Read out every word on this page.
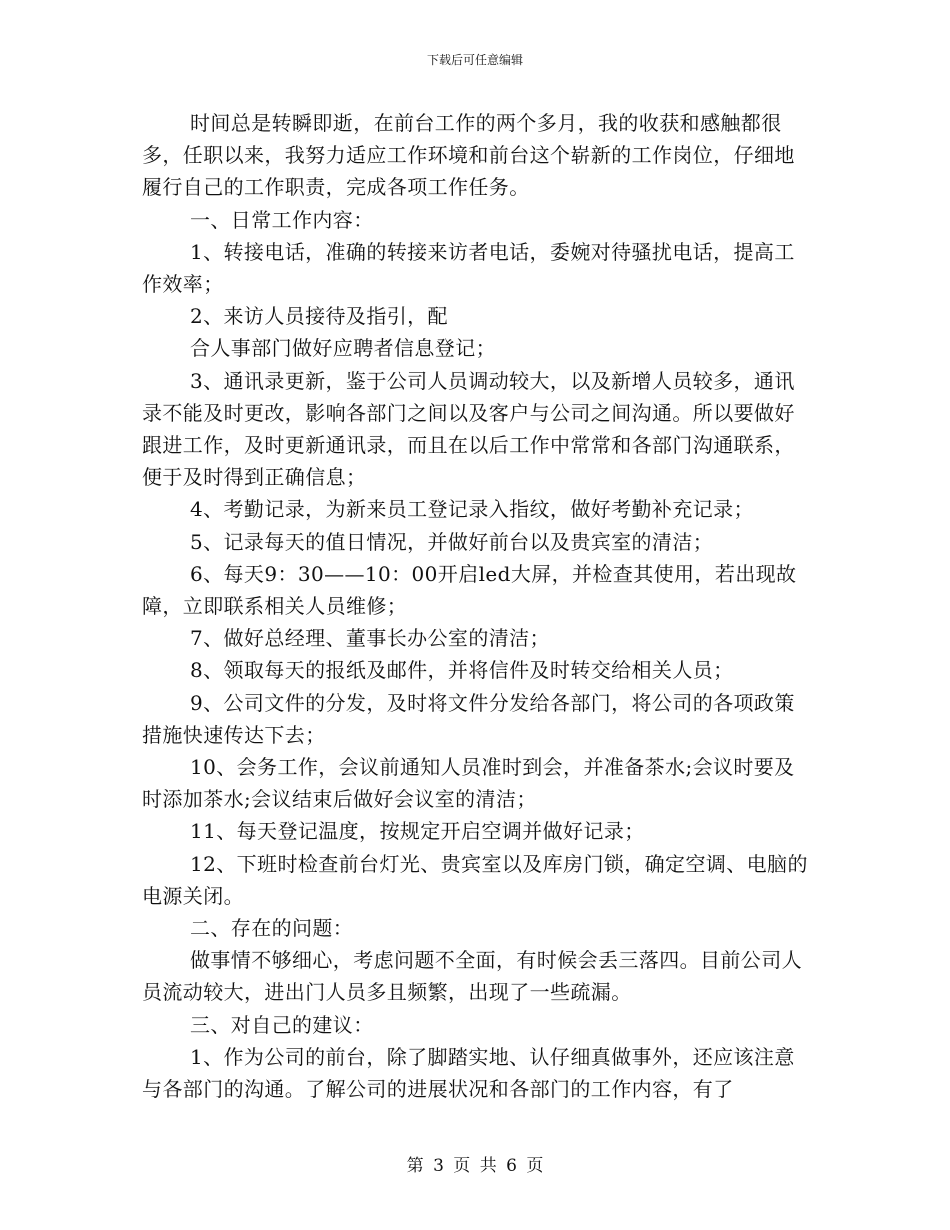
下载后可任意编辑

时间总是转瞬即逝，在前台工作的两个多月，我的收获和感触都很多，任职以来，我努力适应工作环境和前台这个崭新的工作岗位，仔细地履行自己的工作职责，完成各项工作任务。

一、日常工作内容：

1、转接电话，准确的转接来访者电话，委婉对待骚扰电话，提高工作效率；

2、来访人员接待及指引，配

合人事部门做好应聘者信息登记；

3、通讯录更新，鉴于公司人员调动较大，以及新增人员较多，通讯录不能及时更改，影响各部门之间以及客户与公司之间沟通。所以要做好跟进工作，及时更新通讯录，而且在以后工作中常常和各部门沟通联系，便于及时得到正确信息；

4、考勤记录，为新来员工登记录入指纹，做好考勤补充记录；

5、记录每天的值日情况，并做好前台以及贵宾室的清洁；

6、每天9：30——10：00开启led大屏，并检查其使用，若出现故障，立即联系相关人员维修；

7、做好总经理、董事长办公室的清洁；

8、领取每天的报纸及邮件，并将信件及时转交给相关人员；

9、公司文件的分发，及时将文件分发给各部门，将公司的各项政策措施快速传达下去；

10、会务工作，会议前通知人员准时到会，并准备茶水;会议时要及时添加茶水;会议结束后做好会议室的清洁；

11、每天登记温度，按规定开启空调并做好记录；

12、下班时检查前台灯光、贵宾室以及库房门锁，确定空调、电脑的电源关闭。

二、存在的问题：

做事情不够细心，考虑问题不全面，有时候会丢三落四。目前公司人员流动较大，进出门人员多且频繁，出现了一些疏漏。

三、对自己的建议：

1、作为公司的前台，除了脚踏实地、认仔细真做事外，还应该注意与各部门的沟通。了解公司的进展状况和各部门的工作内容，有了

第 3 页 共 6 页
